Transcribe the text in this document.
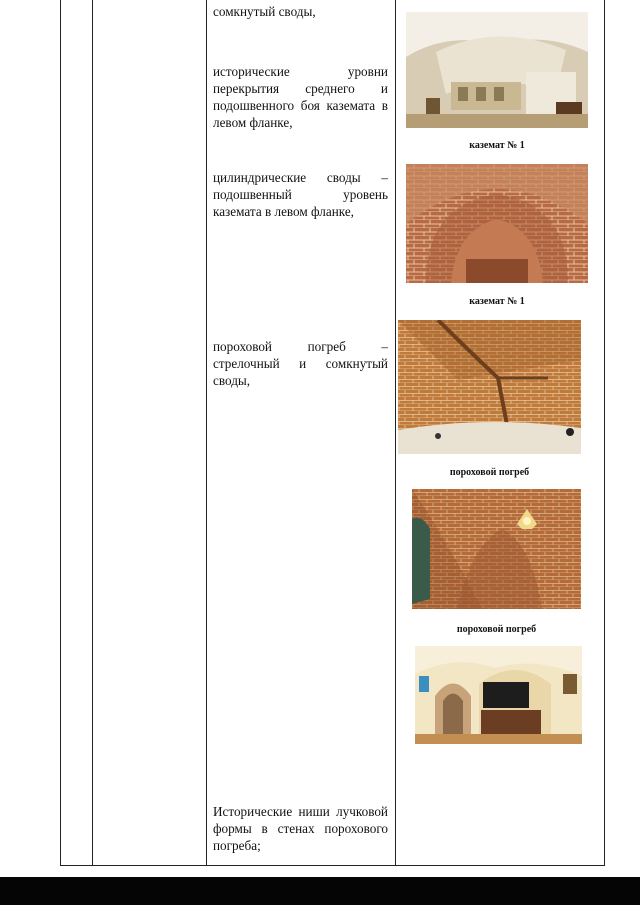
сомкнутый своды,
исторические уровни перекрытия среднего и подошвенного боя каземата в левом фланке,
цилиндрические своды – подошвенный уровень каземата в левом фланке,
пороховой погреб – стрелочный и сомкнутый своды,
Исторические ниши лучковой формы в стенах порохового погреба;
каземат № 1
каземат № 1
пороховой погреб
пороховой погреб
